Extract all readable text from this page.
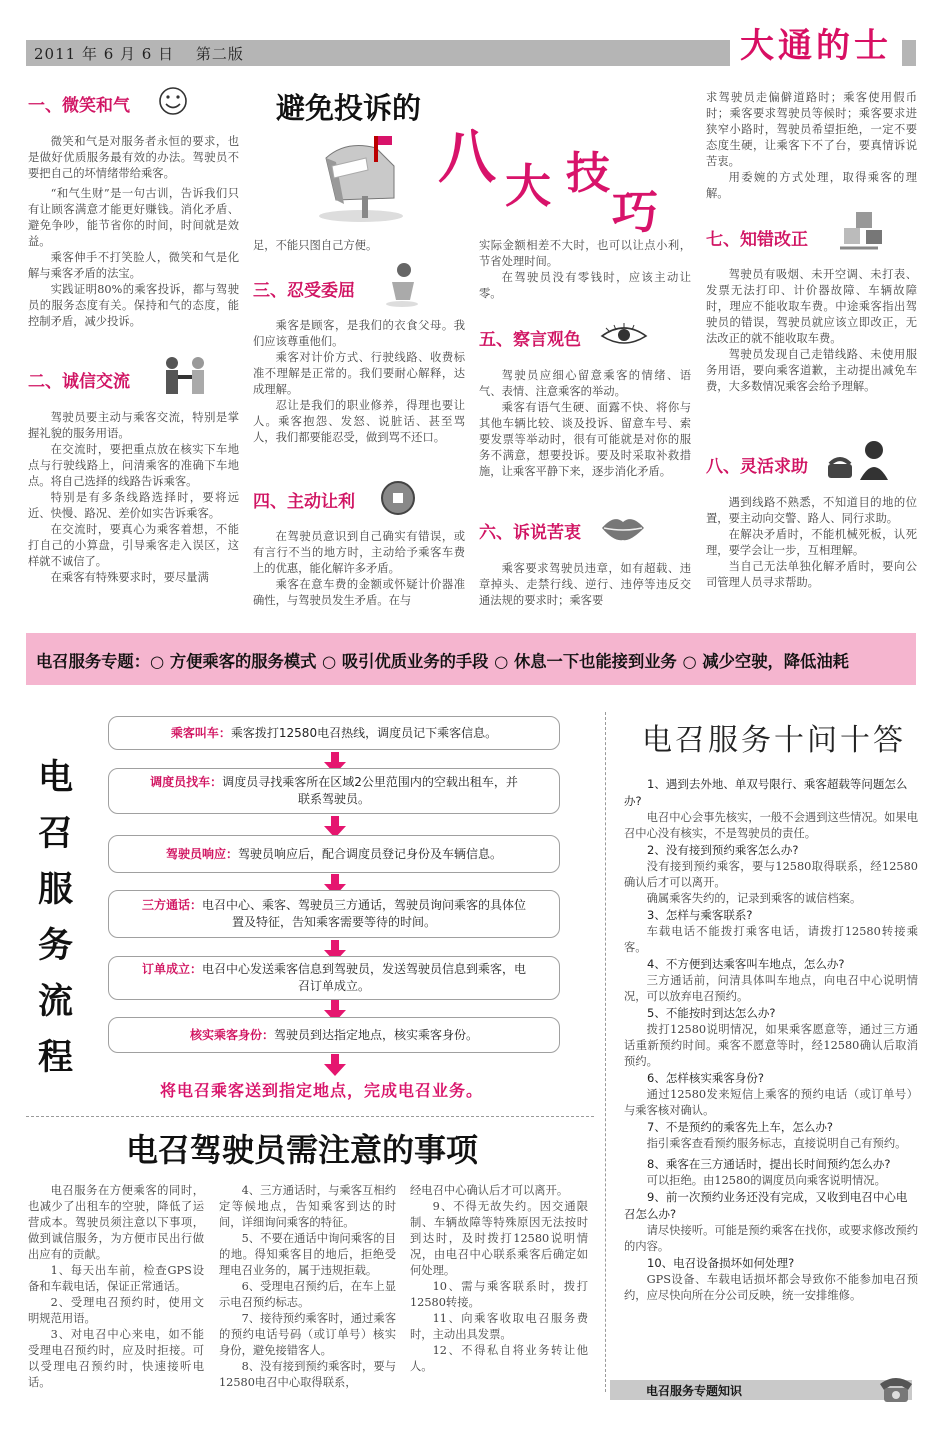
2011 年 6 月 6 日　 第二版	大通的士
避免投诉的
八 大 技
巧
一、微笑和气

微笑和气是对服务者永恒的要求，也是做好优质服务最有效的办法。驾驶员不要把自己的坏情绪带给乘客。

“和气生财”是一句古训，告诉我们只有让顾客满意才能更好赚钱。消化矛盾、避免争吵，能节省你的时间，时间就是效益。

乘客伸手不打笑脸人，微笑和气是化解与乘客矛盾的法宝。

实践证明80%的乘客投诉，都与驾驶员的服务态度有关。保持和气的态度，能控制矛盾，减少投诉。

二、诚信交流

驾驶员要主动与乘客交流，特别是掌握礼貌的服务用语。

在交流时，要把重点放在核实下车地点与行驶线路上，问清乘客的准确下车地点。将自己选择的线路告诉乘客。

特别是有多条线路选择时，要将远近、快慢、路况、差价如实告诉乘客。

在交流时，要真心为乘客着想，不能打自己的小算盘，引导乘客走入误区，这样就不诚信了。

在乘客有特殊要求时，要尽量满

足，不能只图自己方便。

三、忍受委屈

乘客是顾客，是我们的衣食父母。我们应该尊重他们。

乘客对计价方式、行驶线路、收费标准不理解是正常的。我们要耐心解释，达成理解。

忍让是我们的职业修养，得理也要让人。乘客抱怨、发怒、说脏话、甚至骂人，我们都要能忍受，做到骂不还口。

四、主动让利

在驾驶员意识到自己确实有错误，或有言行不当的地方时，主动给予乘客车费上的优惠，能化解许多矛盾。

乘客在意车费的金额或怀疑计价器准确性，与驾驶员发生矛盾。在与

实际金额相差不大时，也可以让点小利，节省处理时间。

在驾驶员没有零钱时，应该主动让零。

五、察言观色

驾驶员应细心留意乘客的情绪、语气、表情、注意乘客的举动。

乘客有语气生硬、面露不快、将你与其他车辆比较、谈及投诉、留意车号、索要发票等举动时，很有可能就是对你的服务不满意，想要投诉。要及时采取补救措施，让乘客平静下来，逐步消化矛盾。

六、诉说苦衷

乘客要求驾驶员违章，如有超载、违章掉头、走禁行线、逆行、违停等违反交通法规的要求时；乘客要

求驾驶员走偏僻道路时；乘客使用假币时；乘客要求驾驶员等候时；乘客要求进狭窄小路时，驾驶员希望拒绝，一定不要态度生硬，让乘客下不了台，要真情诉说苦衷。

用委婉的方式处理，取得乘客的理解。

七、知错改正

驾驶员有吸烟、未开空调、未打表、发票无法打印、计价器故障、车辆故障时，理应不能收取车费。中途乘客指出驾驶员的错误，驾驶员就应该立即改正，无法改正的就不能收取车费。

驾驶员发现自己走错线路、未使用服务用语，要向乘客道歉，主动提出减免车费，大多数情况乘客会给予理解。

八、灵活求助

遇到线路不熟悉，不知道目的地的位置，要主动向交警、路人、同行求助。

在解决矛盾时，不能机械死板，认死理，要学会让一步，互相理解。

当自己无法单独化解矛盾时，要向公司管理人员寻求帮助。

电召服务专题：○ 方便乘客的服务模式 ○ 吸引优质业务的手段 ○ 休息一下也能接到业务 ○ 减少空驶，降低油耗
电
召
服
务
流
程
乘客叫车：乘客拨打12580电召热线，调度员记下乘客信息。
调度员找车：调度员寻找乘客所在区域2公里范围内的空载出租车，并联系驾驶员。
驾驶员响应：驾驶员响应后，配合调度员登记身份及车辆信息。
三方通话：电召中心、乘客、驾驶员三方通话，驾驶员询问乘客的具体位置及特征，告知乘客需要等待的时间。
订单成立：电召中心发送乘客信息到驾驶员，发送驾驶员信息到乘客，电召订单成立。
核实乘客身份：驾驶员到达指定地点，核实乘客身份。
将电召乘客送到指定地点，完成电召业务。
电召驾驶员需注意的事项

电召服务在方便乘客的同时，也减少了出租车的空驶，降低了运营成本。驾驶员须注意以下事项，做到诚信服务，为方便市民出行做出应有的贡献。

1、每天出车前，检查GPS设备和车载电话，保证正常通话。

2、受理电召预约时，使用文明规范用语。

3、对电召中心来电，如不能受理电召预约时，应及时拒接。可以受理电召预约时，快速接听电话。

4、三方通话时，与乘客互相约定等候地点，告知乘客到达的时间，详细询问乘客的特征。

5、不要在通话中询问乘客的目的地。得知乘客目的地后，拒绝受理电召业务的，属于违规拒载。

6、受理电召预约后，在车上显示电召预约标志。

7、接待预约乘客时，通过乘客的预约电话号码（或订单号）核实身份，避免接错客人。

8、没有接到预约乘客时，要与12580电召中心取得联系，

经电召中心确认后才可以离开。

9、不得无故失约。因交通限制、车辆故障等特殊原因无法按时到达时，及时拨打12580说明情况，由电召中心联系乘客后确定如何处理。

10、需与乘客联系时，拨打12580转接。

11、向乘客收取电召服务费时，主动出具发票。

12、不得私自将业务转让他人。

电召服务十问十答
1、遇到去外地、单双号限行、乘客超载等问题怎么办?

电召中心会事先核实，一般不会遇到这些情况。如果电召中心没有核实，不是驾驶员的责任。

2、没有接到预约乘客怎么办?

没有接到预约乘客，要与12580取得联系，经12580确认后才可以离开。

确属乘客失约的，记录到乘客的诚信档案。

3、怎样与乘客联系?

车载电话不能拨打乘客电话，请拨打12580转接乘客。

4、不方便到达乘客叫车地点，怎么办?

三方通话前，问清具体叫车地点，向电召中心说明情况，可以放弃电召预约。

5、不能按时到达怎么办?

拨打12580说明情况，如果乘客愿意等，通过三方通话重新预约时间。乘客不愿意等时，经12580确认后取消预约。

6、怎样核实乘客身份?

通过12580发来短信上乘客的预约电话（或订单号）与乘客核对确认。

7、不是预约的乘客先上车，怎么办?

指引乘客查看预约服务标志，直接说明自己有预约。

8、乘客在三方通话时，提出长时间预约怎么办?

可以拒绝。由12580的调度员向乘客说明情况。

9、前一次预约业务还没有完成，又收到电召中心电召怎么办?

请尽快接听。可能是预约乘客在找你，或要求修改预约的内容。

10、电召设备损坏如何处理?

GPS设备、车载电话损坏都会导致你不能参加电召预约，应尽快向所在分公司反映，统一安排维修。

电召服务专题知识
